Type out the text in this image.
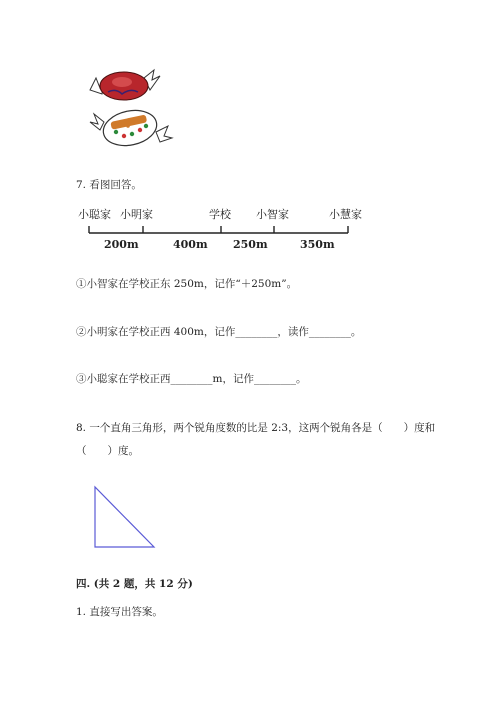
7. 看图回答。
小聪家 小明家	学校 小智家	小慧家
200m	400m 250m	350m
①小智家在学校正东 250m，记作“＋250m”。
②小明家在学校正西 400m，记作________，读作________。
③小聪家在学校正西________m，记作________。
8. 一个直角三角形，两个锐角度数的比是 2:3，这两个锐角各是（　　）度和
（　　）度。
四. (共 2 题，共 12 分)
1. 直接写出答案。
